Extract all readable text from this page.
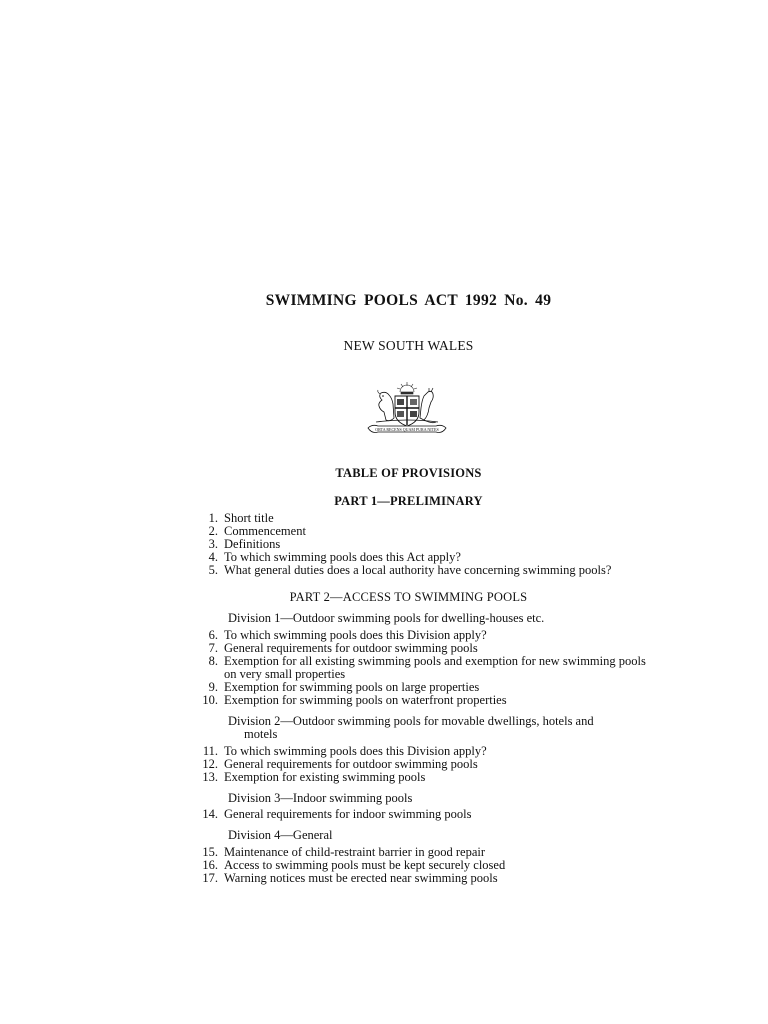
SWIMMING POOLS ACT 1992 No. 49
NEW SOUTH WALES
ORTA RECENS QUAM PURA NITES
TABLE OF PROVISIONS
PART 1—PRELIMINARY
1. Short title
2. Commencement
3. Definitions
4. To which swimming pools does this Act apply?
5. What general duties does a local authority have concerning swimming pools?
PART 2—ACCESS TO SWIMMING POOLS
Division 1—Outdoor swimming pools for dwelling-houses etc.
6. To which swimming pools does this Division apply?
7. General requirements for outdoor swimming pools
8. Exemption for all existing swimming pools and exemption for new swimming pools on very small properties
9. Exemption for swimming pools on large properties
10. Exemption for swimming pools on waterfront properties
Division 2—Outdoor swimming pools for movable dwellings, hotels and
motels
11. To which swimming pools does this Division apply?
12. General requirements for outdoor swimming pools
13. Exemption for existing swimming pools
Division 3—Indoor swimming pools
14. General requirements for indoor swimming pools
Division 4—General
15. Maintenance of child-restraint barrier in good repair
16. Access to swimming pools must be kept securely closed
17. Warning notices must be erected near swimming pools
